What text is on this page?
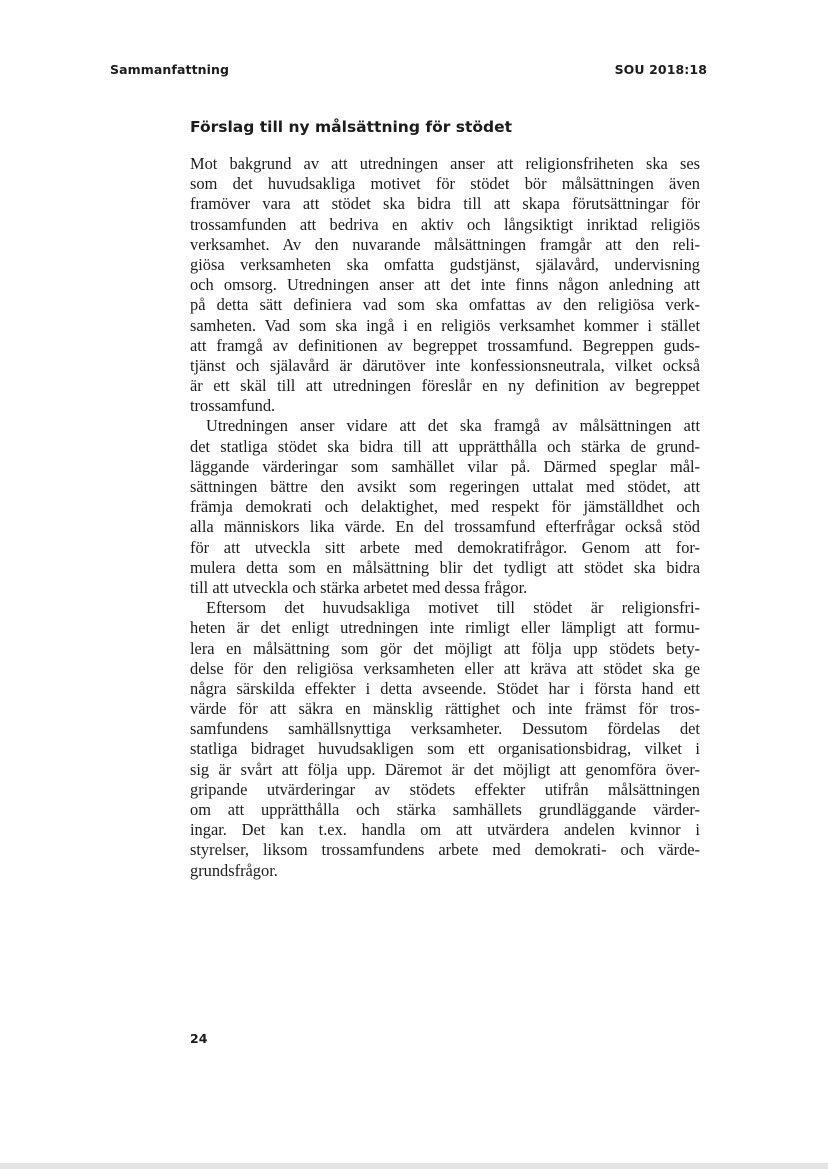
Sammanfattning	SOU 2018:18
Förslag till ny målsättning för stödet
Mot bakgrund av att utredningen anser att religionsfriheten ska ses
som det huvudsakliga motivet för stödet bör målsättningen även
framöver vara att stödet ska bidra till att skapa förutsättningar för
trossamfunden att bedriva en aktiv och långsiktigt inriktad religiös
verksamhet. Av den nuvarande målsättningen framgår att den reli-
giösa verksamheten ska omfatta gudstjänst, själavård, undervisning
och omsorg. Utredningen anser att det inte finns någon anledning att
på detta sätt definiera vad som ska omfattas av den religiösa verk-
samheten. Vad som ska ingå i en religiös verksamhet kommer i stället
att framgå av definitionen av begreppet trossamfund. Begreppen guds-
tjänst och själavård är därutöver inte konfessionsneutrala, vilket också
är ett skäl till att utredningen föreslår en ny definition av begreppet
trossamfund.
Utredningen anser vidare att det ska framgå av målsättningen att
det statliga stödet ska bidra till att upprätthålla och stärka de grund-
läggande värderingar som samhället vilar på. Därmed speglar mål-
sättningen bättre den avsikt som regeringen uttalat med stödet, att
främja demokrati och delaktighet, med respekt för jämställdhet och
alla människors lika värde. En del trossamfund efterfrågar också stöd
för att utveckla sitt arbete med demokratifrågor. Genom att for-
mulera detta som en målsättning blir det tydligt att stödet ska bidra
till att utveckla och stärka arbetet med dessa frågor.
Eftersom det huvudsakliga motivet till stödet är religionsfri-
heten är det enligt utredningen inte rimligt eller lämpligt att formu-
lera en målsättning som gör det möjligt att följa upp stödets bety-
delse för den religiösa verksamheten eller att kräva att stödet ska ge
några särskilda effekter i detta avseende. Stödet har i första hand ett
värde för att säkra en mänsklig rättighet och inte främst för tros-
samfundens samhällsnyttiga verksamheter. Dessutom fördelas det
statliga bidraget huvudsakligen som ett organisationsbidrag, vilket i
sig är svårt att följa upp. Däremot är det möjligt att genomföra över-
gripande utvärderingar av stödets effekter utifrån målsättningen
om att upprätthålla och stärka samhällets grundläggande värder-
ingar. Det kan t.ex. handla om att utvärdera andelen kvinnor i
styrelser, liksom trossamfundens arbete med demokrati- och värde-
grundsfrågor.
24
